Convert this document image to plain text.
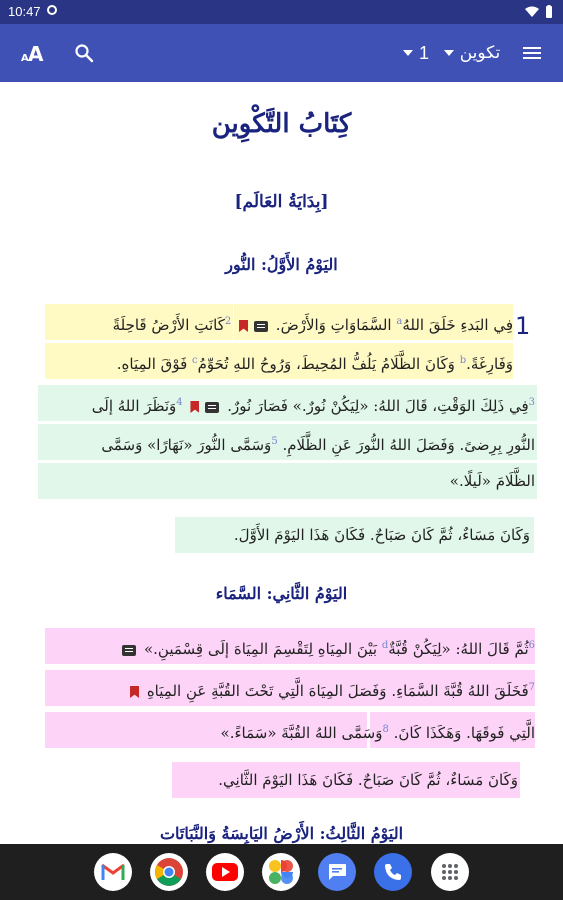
10:47
A A	1 تكوين
كِتَابُ التَّكْوِين
[بِدَايَةُ العَالَم]
اليَوْمُ الأَوَّلُ: النُّور
1
فِي البَدءِ خَلَقَ اللهُ$^a$ السَّمَاوَاتِ وَالأَرْضَ.  $^2$كَانَتِ الأَرْضُ قَاحِلَةً
وَفَارِغَةً.$^b$ وَكَانَ الظَّلَامُ يَلُفُّ المُحِيطَ، وَرُوحُ اللهِ تُحَوِّمُ$^c$ فَوْقَ المِيَاهِ.
$^3$فِي ذَلِكَ الوَقْتِ، قَالَ اللهُ: «لِيَكُنْ نُورٌ.» فَصَارَ نُورٌ.  $^4$وَنَظَرَ اللهُ إلَى
النُّورِ بِرِضىً. وَفَصَلَ اللهُ النُّورَ عَنِ الظَّلَامِ. $^5$وَسَمَّى النُّورَ «نَهَارًا» وَسَمَّى
الظَّلَامَ «لَيلًا.»
وَكَانَ مَسَاءٌ، ثُمَّ كَانَ صَبَاحٌ. فَكَانَ هَذَا اليَوْمَ الأَوَّلَ.
اليَوْمُ الثَّانِي: السَّمَاء
$^6$ثُمَّ قَالَ اللهُ: «لِيَكُنْ قُبَّةٌ$^d$ بَيْنَ المِيَاهِ لِتَقْسِمَ المِيَاهَ إلَى قِسْمَينِ.»
$^7$فَخَلَقَ اللهُ قُبَّةَ السَّمَاءِ. وَفَصَلَ المِيَاهَ الَّتِي تَحْتَ القُبَّةِ عَنِ المِيَاهِ
الَّتِي فَوقَهَا. وَهَكَذَا كَانَ. $^8$وَسَمَّى اللهُ القُبَّةَ «سَمَاءً.»
وَكَانَ مَسَاءٌ، ثُمَّ كَانَ صَبَاحٌ. فَكَانَ هَذَا اليَوْمَ الثَّانِي.
اليَوْمُ الثَّالِثُ: الأَرْضُ اليَابِسَةُ وَالنَّبَاتَات
